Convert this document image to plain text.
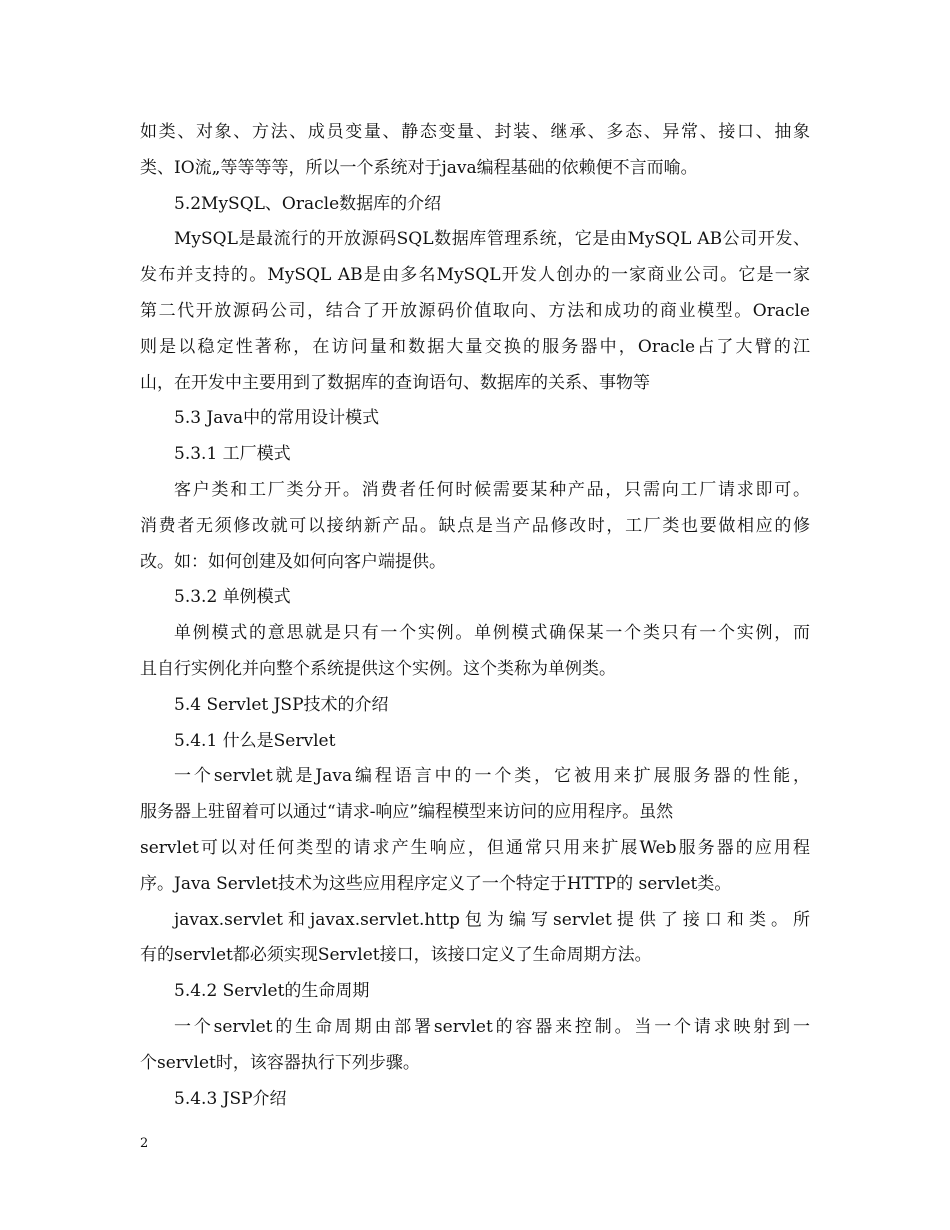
如类、对象、方法、成员变量、静态变量、封装、继承、多态、异常、接口、抽象
类、IO流„等等等等，所以一个系统对于java编程基础的依赖便不言而喻。
5.2MySQL、Oracle数据库的介绍
MySQL是最流行的开放源码SQL数据库管理系统，它是由MySQL AB公司开发、
发布并支持的。MySQL AB是由多名MySQL开发人创办的一家商业公司。它是一家
第二代开放源码公司，结合了开放源码价值取向、方法和成功的商业模型。Oracle
则是以稳定性著称，在访问量和数据大量交换的服务器中，Oracle占了大臂的江
山，在开发中主要用到了数据库的查询语句、数据库的关系、事物等
5.3 Java中的常用设计模式
5.3.1 工厂模式
客户类和工厂类分开。消费者任何时候需要某种产品，只需向工厂请求即可。
消费者无须修改就可以接纳新产品。缺点是当产品修改时，工厂类也要做相应的修
改。如：如何创建及如何向客户端提供。
5.3.2 单例模式
单例模式的意思就是只有一个实例。单例模式确保某一个类只有一个实例，而
且自行实例化并向整个系统提供这个实例。这个类称为单例类。
5.4 Servlet JSP技术的介绍
5.4.1 什么是Servlet
一个servlet就是Java编程语言中的一个类，它被用来扩展服务器的性能，
服务器上驻留着可以通过“请求-响应”编程模型来访问的应用程序。虽然
servlet可以对任何类型的请求产生响应，但通常只用来扩展Web服务器的应用程
序。Java Servlet技术为这些应用程序定义了一个特定于HTTP的 servlet类。
javax.servlet和javax.servlet.http包为编写servlet提供了接口和类。所
有的servlet都必须实现Servlet接口，该接口定义了生命周期方法。
5.4.2 Servlet的生命周期
一个servlet的生命周期由部署servlet的容器来控制。当一个请求映射到一
个servlet时，该容器执行下列步骤。
5.4.3 JSP介绍
2
